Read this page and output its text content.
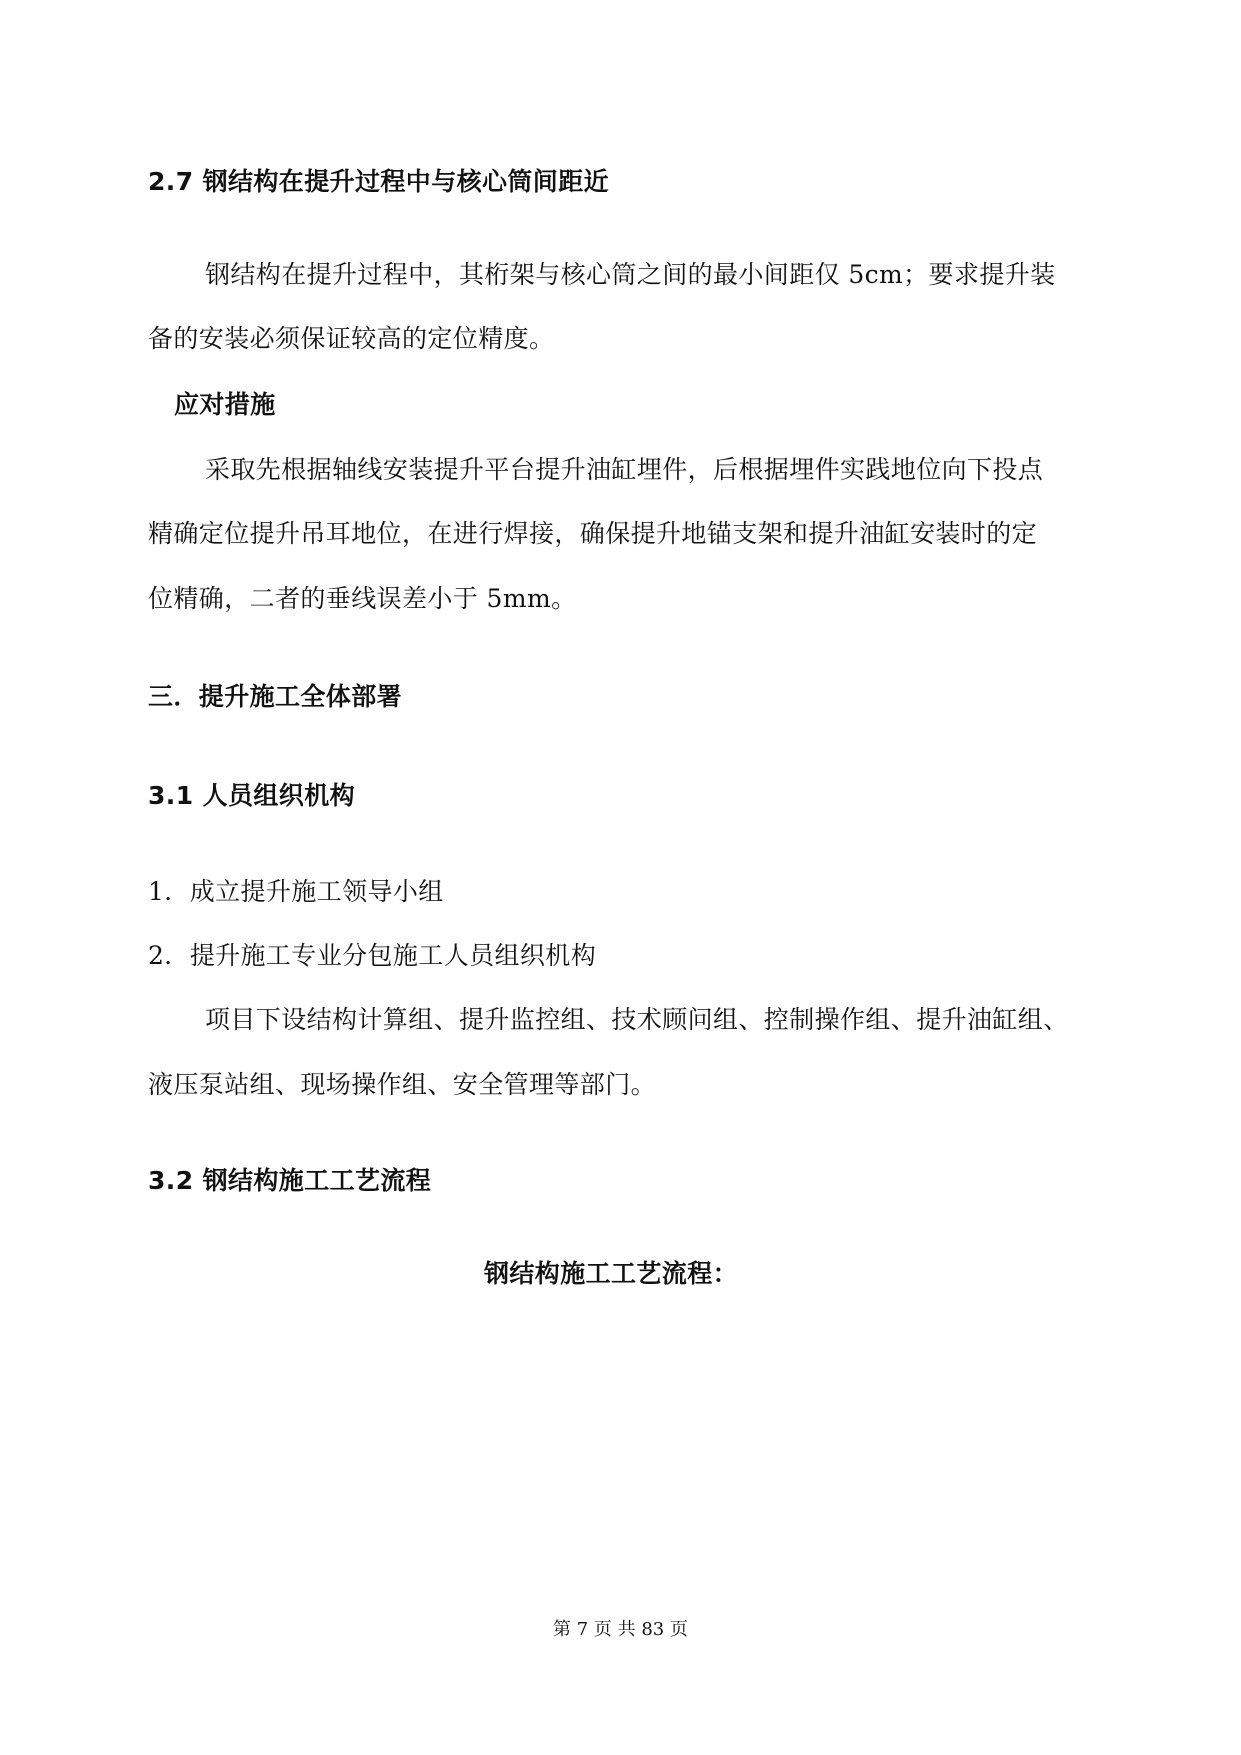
2.7 钢结构在提升过程中与核心筒间距近

钢结构在提升过程中，其桁架与核心筒之间的最小间距仅 5cm；要求提升装

备的安装必须保证较高的定位精度。

应对措施

采取先根据轴线安装提升平台提升油缸埋件，后根据埋件实践地位向下投点

精确定位提升吊耳地位，在进行焊接，确保提升地锚支架和提升油缸安装时的定

位精确，二者的垂线误差小于 5mm。

三．提升施工全体部署

3.1 人员组织机构

1．成立提升施工领导小组

2．提升施工专业分包施工人员组织机构

项目下设结构计算组、提升监控组、技术顾问组、控制操作组、提升油缸组、

液压泵站组、现场操作组、安全管理等部门。

3.2 钢结构施工工艺流程

钢结构施工工艺流程：

第 7 页 共 83 页
